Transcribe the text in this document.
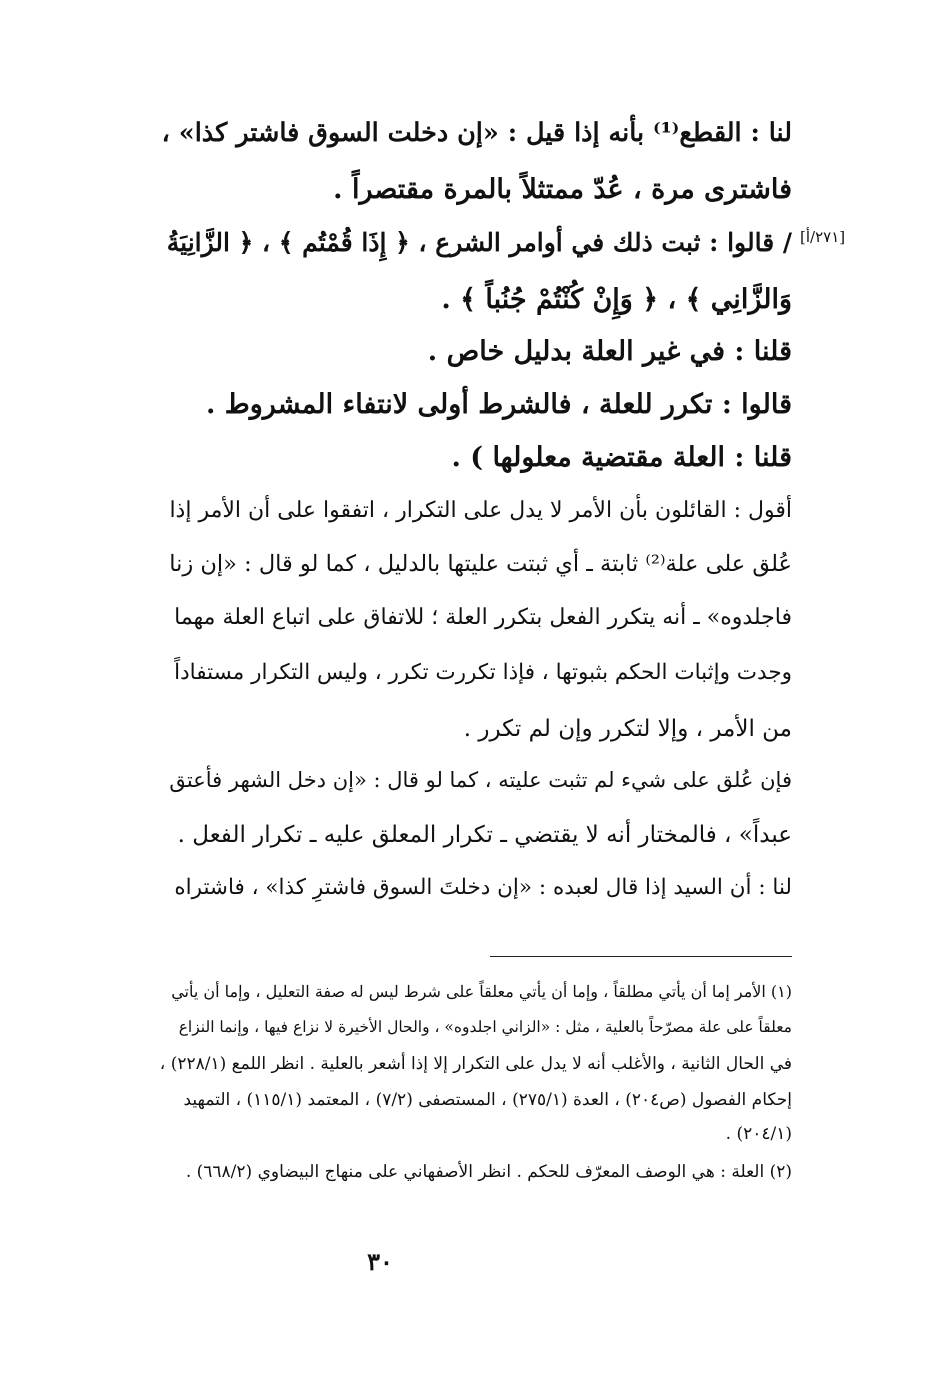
[٢٧١/أ]
لنا : القطع⁽¹⁾ بأنه إذا قيل : «إن دخلت السوق فاشتر كذا» ،
فاشترى مرة ، عُدّ ممتثلاً بالمرة مقتصراً .
/ قالوا : ثبت ذلك في أوامر الشرع ، ﴿ إِذَا قُمْتُم ﴾ ، ﴿ الزَّانِيَةُ
وَالزَّانِي ﴾ ، ﴿ وَإِنْ كُنْتُمْ جُنُباً ﴾ .
قلنا : في غير العلة بدليل خاص .
قالوا : تكرر للعلة ، فالشرط أولى لانتفاء المشروط .
قلنا : العلة مقتضية معلولها ) .
أقول : القائلون بأن الأمر لا يدل على التكرار ، اتفقوا على أن الأمر إذا
عُلق على علة⁽²⁾ ثابتة ـ أي ثبتت عليتها بالدليل ، كما لو قال : «إن زنا
فاجلدوه» ـ أنه يتكرر الفعل بتكرر العلة ؛ للاتفاق على اتباع العلة مهما
وجدت وإثبات الحكم بثبوتها ، فإذا تكررت تكرر ، وليس التكرار مستفاداً
من الأمر ، وإلا لتكرر وإن لم تكرر .
فإن عُلق على شيء لم تثبت عليته ، كما لو قال : «إن دخل الشهر فأعتق
عبداً» ، فالمختار أنه لا يقتضي ـ تكرار المعلق عليه ـ تكرار الفعل .
لنا : أن السيد إذا قال لعبده : «إن دخلتَ السوق فاشترِ كذا» ، فاشتراه
(١) الأمر إما أن يأتي مطلقاً ، وإما أن يأتي معلقاً على شرط ليس له صفة التعليل ، وإما أن يأتي
معلقاً على علة مصرّحاً بالعلية ، مثل : «الزاني اجلدوه» ، والحال الأخيرة لا نزاع فيها ، وإنما النزاع
في الحال الثانية ، والأغلب أنه لا يدل على التكرار إلا إذا أشعر بالعلية . انظر اللمع (٢٢٨/١) ،
إحكام الفصول (ص٢٠٤) ، العدة (٢٧٥/١) ، المستصفى (٧/٢) ، المعتمد (١١٥/١) ، التمهيد
(٢٠٤/١) .
(٢) العلة : هي الوصف المعرّف للحكم . انظر الأصفهاني على منهاج البيضاوي (٦٦٨/٢) .
٣٠
